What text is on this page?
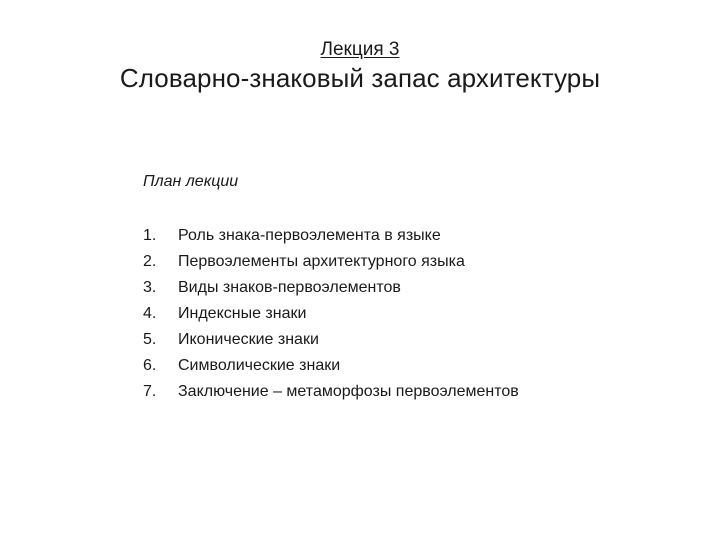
Лекция 3
Словарно-знаковый запас архитектуры

План лекции

1.	Роль знака-первоэлемента в языке
2.	Первоэлементы архитектурного языка
3.	Виды знаков-первоэлементов
4.	Индексные знаки
5.	Иконические знаки
6.	Символические знаки
7.	Заключение – метаморфозы первоэлементов
